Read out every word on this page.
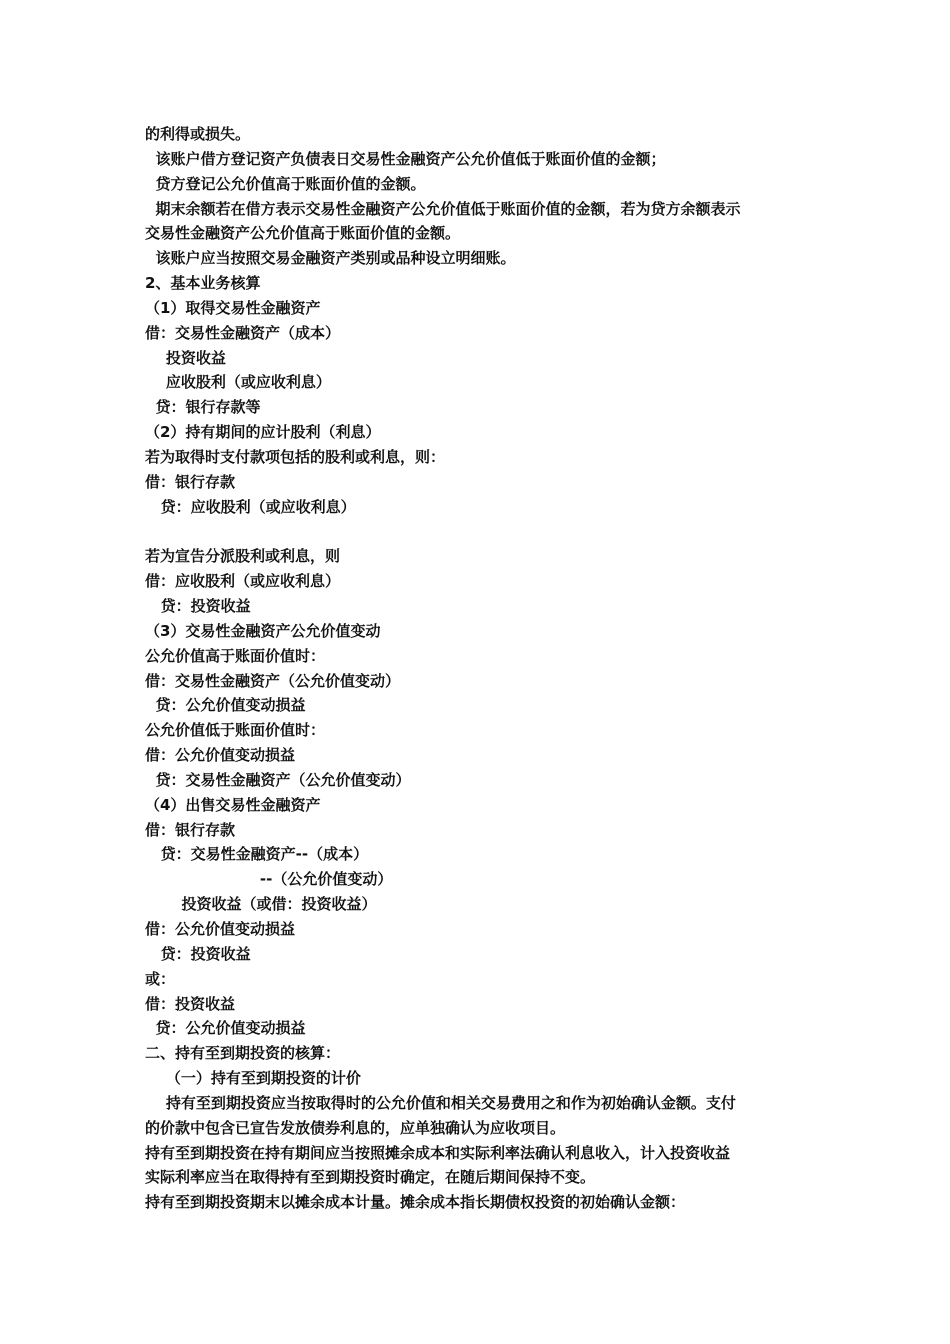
的利得或损失。
该账户借方登记资产负债表日交易性金融资产公允价值低于账面价值的金额；
贷方登记公允价值高于账面价值的金额。
期末余额若在借方表示交易性金融资产公允价值低于账面价值的金额，若为贷方余额表示
交易性金融资产公允价值高于账面价值的金额。
该账户应当按照交易金融资产类别或品种设立明细账。
2、基本业务核算
（1）取得交易性金融资产
借：交易性金融资产（成本）
投资收益
应收股利（或应收利息）
贷：银行存款等
（2）持有期间的应计股利（利息）
若为取得时支付款项包括的股利或利息，则：
借：银行存款
贷：应收股利（或应收利息）
若为宣告分派股利或利息，则
借：应收股利（或应收利息）
贷：投资收益
（3）交易性金融资产公允价值变动
公允价值高于账面价值时：
借：交易性金融资产（公允价值变动）
贷：公允价值变动损益
公允价值低于账面价值时：
借：公允价值变动损益
贷：交易性金融资产（公允价值变动）
（4）出售交易性金融资产
借：银行存款
贷：交易性金融资产--（成本）
--（公允价值变动）
投资收益（或借：投资收益）
借：公允价值变动损益
贷：投资收益
或：
借：投资收益
贷：公允价值变动损益
二、持有至到期投资的核算：
（一）持有至到期投资的计价
持有至到期投资应当按取得时的公允价值和相关交易费用之和作为初始确认金额。支付
的价款中包含已宣告发放债券利息的，应单独确认为应收项目。
持有至到期投资在持有期间应当按照摊余成本和实际利率法确认利息收入，计入投资收益
实际利率应当在取得持有至到期投资时确定，在随后期间保持不变。
持有至到期投资期末以摊余成本计量。摊余成本指长期债权投资的初始确认金额：
